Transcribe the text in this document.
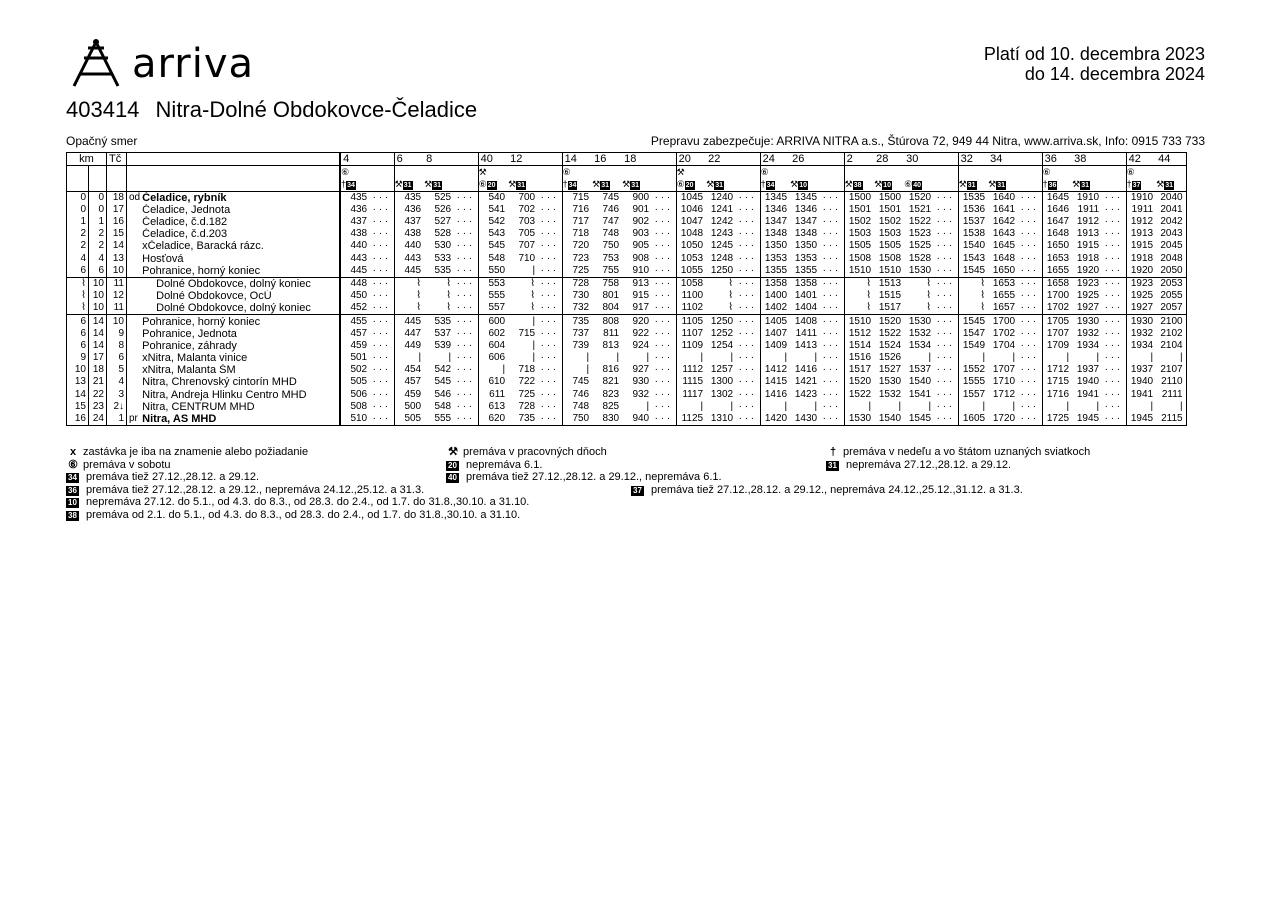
arriva	Platí od 10. decembra 2023
do 14. decembra 2024
403414 Nitra-Dolné Obdokovce-Čeladice
Opačný smer	Prepravu zabezpečuje: ARRIVA NITRA a.s., Štúrova 72, 949 44 Nitra, www.arriva.sk, Info: 0915 733 733
km		Tč			4		6	8		40	12		14	16	18		20	22		24	26		2	28	30		32	34		36	38		42	44
					⑥					⚒			⑥				⚒			⑥										⑥			⑥	
					†34		⚒31	⚒31		⑥20	⚒31		†34	⚒31	⚒31		⑥20	⚒31		†34	⚒10		⚒38	⚒10	⑥40		⚒31	⚒31		†36	⚒31		†37	⚒31
0	0	18	od	Čeladice, rybník	435	· · ·	435	525	· · ·	540	700	· · ·	715	745	900	· · ·	1045	1240	· · ·	1345	1345	· · ·	1500	1500	1520	· · ·	1535	1640	· · ·	1645	1910	· · ·	1910	2040
0	0	17		Čeladice, Jednota	436	· · ·	436	526	· · ·	541	702	· · ·	716	746	901	· · ·	1046	1241	· · ·	1346	1346	· · ·	1501	1501	1521	· · ·	1536	1641	· · ·	1646	1911	· · ·	1911	2041
1	1	16		Čeladice, č.d.182	437	· · ·	437	527	· · ·	542	703	· · ·	717	747	902	· · ·	1047	1242	· · ·	1347	1347	· · ·	1502	1502	1522	· · ·	1537	1642	· · ·	1647	1912	· · ·	1912	2042
2	2	15		Čeladice, č.d.203	438	· · ·	438	528	· · ·	543	705	· · ·	718	748	903	· · ·	1048	1243	· · ·	1348	1348	· · ·	1503	1503	1523	· · ·	1538	1643	· · ·	1648	1913	· · ·	1913	2043
2	2	14		xČeladice, Baracká rázc.	440	· · ·	440	530	· · ·	545	707	· · ·	720	750	905	· · ·	1050	1245	· · ·	1350	1350	· · ·	1505	1505	1525	· · ·	1540	1645	· · ·	1650	1915	· · ·	1915	2045
4	4	13		Hosťová	443	· · ·	443	533	· · ·	548	710	· · ·	723	753	908	· · ·	1053	1248	· · ·	1353	1353	· · ·	1508	1508	1528	· · ·	1543	1648	· · ·	1653	1918	· · ·	1918	2048
6	6	10		Pohranice, horný koniec	445	· · ·	445	535	· · ·	550	|	· · ·	725	755	910	· · ·	1055	1250	· · ·	1355	1355	· · ·	1510	1510	1530	· · ·	1545	1650	· · ·	1655	1920	· · ·	1920	2050
⌇	10	11		Dolné Obdokovce, dolný koniec	448	· · ·	⌇	⌇	· · ·	553	⌇	· · ·	728	758	913	· · ·	1058	⌇	· · ·	1358	1358	· · ·	⌇	1513	⌇	· · ·	⌇	1653	· · ·	1658	1923	· · ·	1923	2053
⌇	10	12		Dolné Obdokovce, OcÚ	450	· · ·	⌇	⌇	· · ·	555	⌇	· · ·	730	801	915	· · ·	1100	⌇	· · ·	1400	1401	· · ·	⌇	1515	⌇	· · ·	⌇	1655	· · ·	1700	1925	· · ·	1925	2055
⌇	10	11		Dolné Obdokovce, dolný koniec	452	· · ·	⌇	⌇	· · ·	557	⌇	· · ·	732	804	917	· · ·	1102	⌇	· · ·	1402	1404	· · ·	⌇	1517	⌇	· · ·	⌇	1657	· · ·	1702	1927	· · ·	1927	2057
6	14	10		Pohranice, horný koniec	455	· · ·	445	535	· · ·	600	|	· · ·	735	808	920	· · ·	1105	1250	· · ·	1405	1408	· · ·	1510	1520	1530	· · ·	1545	1700	· · ·	1705	1930	· · ·	1930	2100
6	14	9		Pohranice, Jednota	457	· · ·	447	537	· · ·	602	715	· · ·	737	811	922	· · ·	1107	1252	· · ·	1407	1411	· · ·	1512	1522	1532	· · ·	1547	1702	· · ·	1707	1932	· · ·	1932	2102
6	14	8		Pohranice, záhrady	459	· · ·	449	539	· · ·	604	|	· · ·	739	813	924	· · ·	1109	1254	· · ·	1409	1413	· · ·	1514	1524	1534	· · ·	1549	1704	· · ·	1709	1934	· · ·	1934	2104
9	17	6		xNitra, Malanta vinice	501	· · ·	|	|	· · ·	606	|	· · ·	|	|	|	· · ·	|	|	· · ·	|	|	· · ·	1516	1526	|	· · ·	|	|	· · ·	|	|	· · ·	|	|
10	18	5		xNitra, Malanta ŠM	502	· · ·	454	542	· · ·	|	718	· · ·	|	816	927	· · ·	1112	1257	· · ·	1412	1416	· · ·	1517	1527	1537	· · ·	1552	1707	· · ·	1712	1937	· · ·	1937	2107
13	21	4		Nitra, Chrenovský cintorín MHD	505	· · ·	457	545	· · ·	610	722	· · ·	745	821	930	· · ·	1115	1300	· · ·	1415	1421	· · ·	1520	1530	1540	· · ·	1555	1710	· · ·	1715	1940	· · ·	1940	2110
14	22	3		Nitra, Andreja Hlinku Centro MHD	506	· · ·	459	546	· · ·	611	725	· · ·	746	823	932	· · ·	1117	1302	· · ·	1416	1423	· · ·	1522	1532	1541	· · ·	1557	1712	· · ·	1716	1941	· · ·	1941	2111
15	23	2↓		Nitra, CENTRUM MHD	508	· · ·	500	548	· · ·	613	728	· · ·	748	825	|	· · ·	|	|	· · ·	|	|	· · ·	|	|	|	· · ·	|	|	· · ·	|	|	· · ·	|	|
16	24	1	pr	Nitra, AS MHD	510	· · ·	505	555	· · ·	620	735	· · ·	750	830	940	· · ·	1125	1310	· · ·	1420	1430	· · ·	1530	1540	1545	· · ·	1605	1720	· · ·	1725	1945	· · ·	1945	2115
x zastávka je iba na znamenie alebo požiadanie
⑥ premáva v sobotu
34 premáva tiež 27.12.,28.12. a 29.12.
36 premáva tiež 27.12.,28.12. a 29.12., nepremáva 24.12.,25.12. a 31.3.
10 nepremáva 27.12. do 5.1., od 4.3. do 8.3., od 28.3. do 2.4., od 1.7. do 31.8.,30.10. a 31.10.
38 premáva od 2.1. do 5.1., od 4.3. do 8.3., od 28.3. do 2.4., od 1.7. do 31.8.,30.10. a 31.10.
⚒ premáva v pracovných dňoch
20 nepremáva 6.1.
40 premáva tiež 27.12.,28.12. a 29.12., nepremáva 6.1.
37 premáva tiež 27.12.,28.12. a 29.12., nepremáva 24.12.,25.12.,31.12. a 31.3.
† premáva v nedeľu a vo štátom uznaných sviatkoch
31 nepremáva 27.12.,28.12. a 29.12.
